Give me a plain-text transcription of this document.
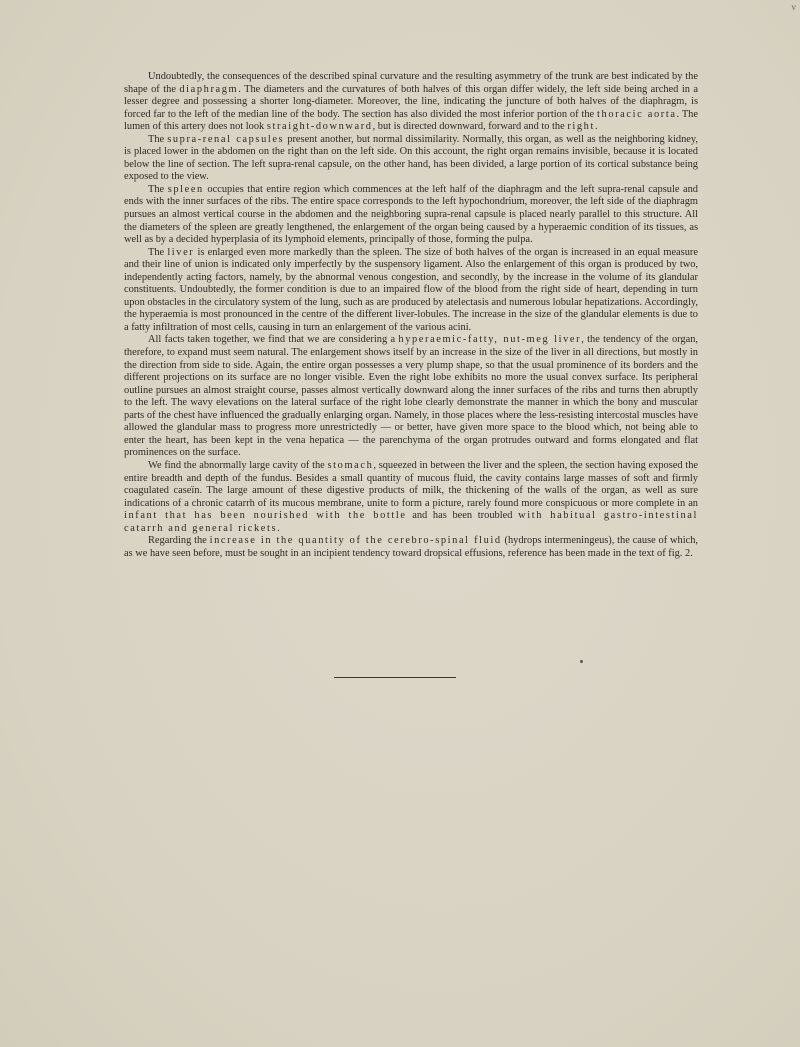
v

Undoubtedly, the consequences of the described spinal curvature and the resulting asymmetry of the trunk are best indicated by the shape of the diaphragm. The diameters and the curvatures of both halves of this organ differ widely, the left side being arched in a lesser degree and possessing a shorter long-diameter. Moreover, the line, indicating the juncture of both halves of the diaphragm, is forced far to the left of the median line of the body. The section has also divided the most inferior portion of the thoracic aorta. The lumen of this artery does not look straight-downward, but is directed downward, forward and to the right.

The supra-renal capsules present another, but normal dissimilarity. Normally, this organ, as well as the neighboring kidney, is placed lower in the abdomen on the right than on the left side. On this account, the right organ remains invisible, because it is located below the line of section. The left supra-renal capsule, on the other hand, has been divided, a large portion of its cortical substance being exposed to the view.

The spleen occupies that entire region which commences at the left half of the diaphragm and the left supra-renal capsule and ends with the inner surfaces of the ribs. The entire space corresponds to the left hypochondrium, moreover, the left side of the diaphragm pursues an almost vertical course in the abdomen and the neighboring supra-renal capsule is placed nearly parallel to this structure. All the diameters of the spleen are greatly lengthened, the enlargement of the organ being caused by a hyperaemic condition of its tissues, as well as by a decided hyperplasia of its lymphoid elements, principally of those, forming the pulpa.

The liver is enlarged even more markedly than the spleen. The size of both halves of the organ is increased in an equal measure and their line of union is indicated only imperfectly by the suspensory ligament. Also the enlargement of this organ is produced by two, independently acting factors, namely, by the abnormal venous congestion, and secondly, by the increase in the volume of its glandular constituents. Undoubtedly, the former condition is due to an impaired flow of the blood from the right side of heart, depending in turn upon obstacles in the circulatory system of the lung, such as are produced by atelectasis and numerous lobular hepatizations. Accordingly, the hyperaemia is most pronounced in the centre of the different liver-lobules. The increase in the size of the glandular elements is due to a fatty infiltration of most cells, causing in turn an enlargement of the various acini.

All facts taken together, we find that we are considering a hyperaemic-fatty, nut-meg liver, the tendency of the organ, therefore, to expand must seem natural. The enlargement shows itself by an increase in the size of the liver in all directions, but mostly in the direction from side to side. Again, the entire organ possesses a very plump shape, so that the usual prominence of its borders and the different projections on its surface are no longer visible. Even the right lobe exhibits no more the usual convex surface. Its peripheral outline pursues an almost straight course, passes almost vertically downward along the inner surfaces of the ribs and turns then abruptly to the left. The wavy elevations on the lateral surface of the right lobe clearly demonstrate the manner in which the bony and muscular parts of the chest have influenced the gradually enlarging organ. Namely, in those places where the less-resisting intercostal muscles have allowed the glandular mass to progress more unrestrictedly — or better, have given more space to the blood which, not being able to enter the heart, has been kept in the vena hepatica — the parenchyma of the organ protrudes outward and forms elongated and flat prominences on the surface.

We find the abnormally large cavity of the stomach, squeezed in between the liver and the spleen, the section having exposed the entire breadth and depth of the fundus. Besides a small quantity of mucous fluid, the cavity contains large masses of soft and firmly coagulated caseïn. The large amount of these digestive products of milk, the thickening of the walls of the organ, as well as sure indications of a chronic catarrh of its mucous membrane, unite to form a picture, rarely found more conspicuous or more complete in an infant that has been nourished with the bottle and has been troubled with habitual gastro-intestinal catarrh and general rickets.

Regarding the increase in the quantity of the cerebro-spinal fluid (hydrops intermeningeus), the cause of which, as we have seen before, must be sought in an incipient tendency toward dropsical effusions, reference has been made in the text of fig. 2.
